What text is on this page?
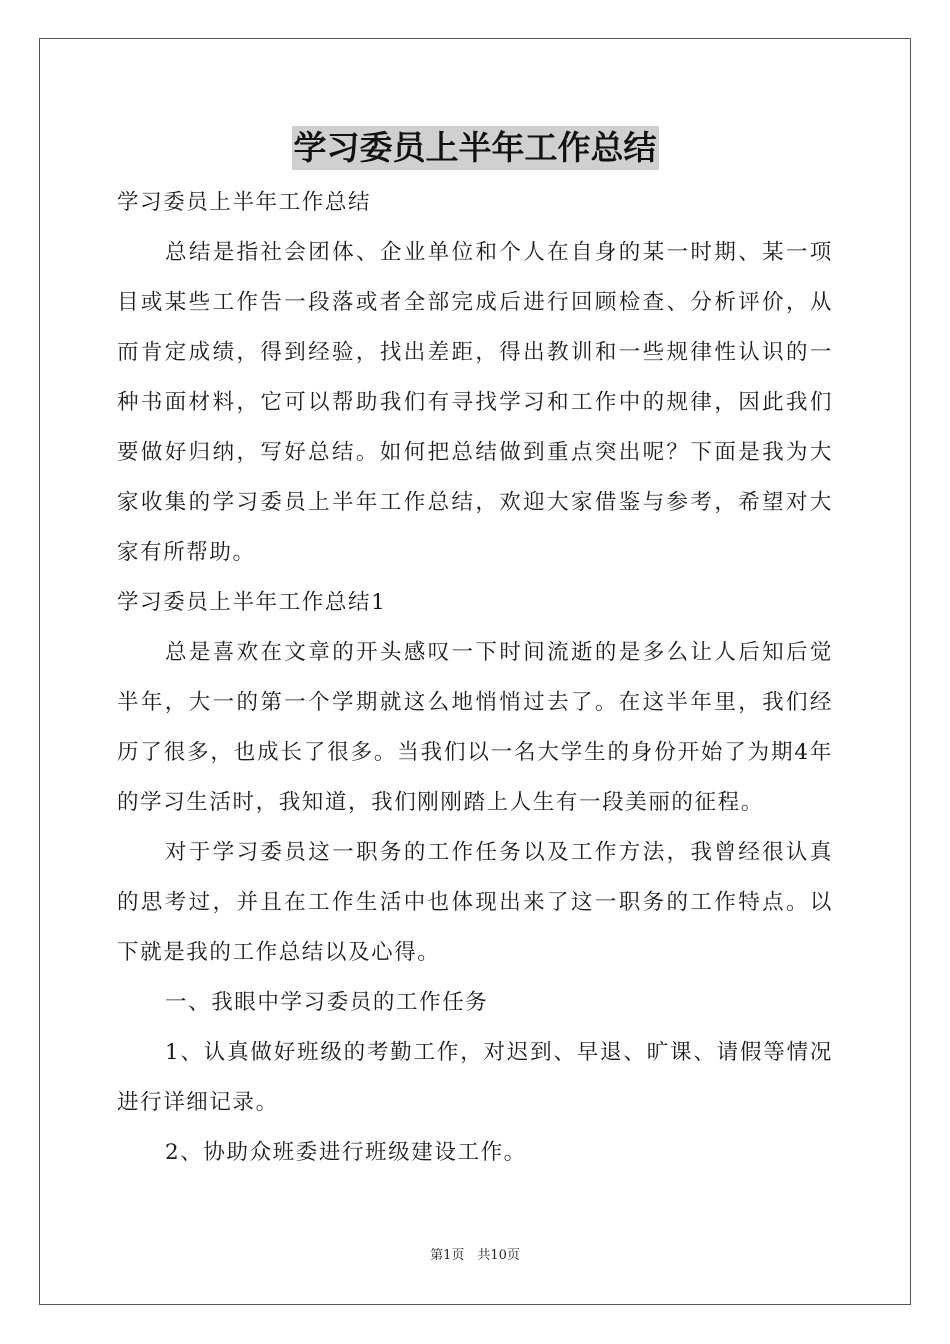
学习委员上半年工作总结

学习委员上半年工作总结

总结是指社会团体、企业单位和个人在自身的某一时期、某一项目或某些工作告一段落或者全部完成后进行回顾检查、分析评价，从而肯定成绩，得到经验，找出差距，得出教训和一些规律性认识的一种书面材料，它可以帮助我们有寻找学习和工作中的规律，因此我们要做好归纳，写好总结。如何把总结做到重点突出呢？下面是我为大家收集的学习委员上半年工作总结，欢迎大家借鉴与参考，希望对大家有所帮助。

学习委员上半年工作总结1

总是喜欢在文章的开头感叹一下时间流逝的是多么让人后知后觉半年，大一的第一个学期就这么地悄悄过去了。在这半年里，我们经历了很多，也成长了很多。当我们以一名大学生的身份开始了为期4年的学习生活时，我知道，我们刚刚踏上人生有一段美丽的征程。

对于学习委员这一职务的工作任务以及工作方法，我曾经很认真的思考过，并且在工作生活中也体现出来了这一职务的工作特点。以下就是我的工作总结以及心得。

一、我眼中学习委员的工作任务

1、认真做好班级的考勤工作，对迟到、早退、旷课、请假等情况进行详细记录。

2、协助众班委进行班级建设工作。

第1页　共10页
